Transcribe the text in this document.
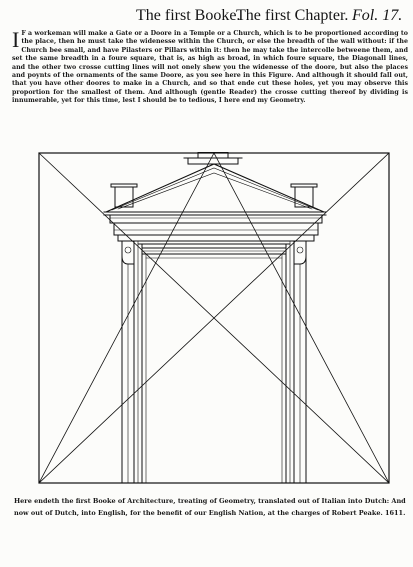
The first Booke.
The first Chapter. Fol. 17.
I F a workeman will make a Gate or a Doore in a Temple or a Church, which is to be proportioned according to the place, then he must take the widenesse within the Church, or else the breadth of the wall without: if the Church bee small, and have Pilasters or Pillars within it: then he may take the intercolle betweene them, and set the same breadth in a foure square, that is, as high as broad, in which foure square, the Diagonall lines, and the other two crosse cutting lines will not onely shew you the widenesse of the doore, but also the places and poynts of the ornaments of the same Doore, as you see here in this Figure. And although it should fall out, that you have other doores to make in a Church, and so that ende cut these holes, yet you may observe this proportion for the smallest of them. And although (gentle Reader) the crosse cutting thereof by dividing is innumerable, yet for this time, lest I should be to tedious, I here end my Geometry.
Here endeth the first Booke of Architecture, treating of Geometry, translated out of Italian into Dutch: And now out of Dutch, into English, for the benefit of our English Nation, at the charges of Robert Peake. 1611.
